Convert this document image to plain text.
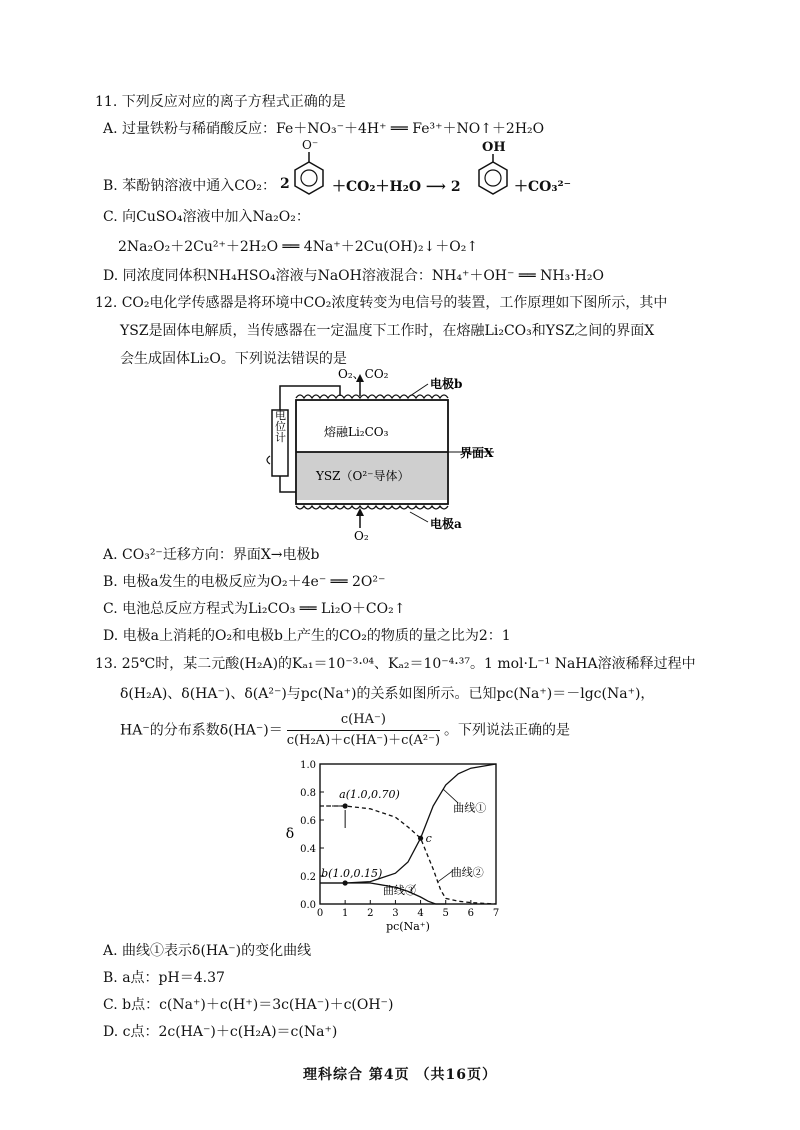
11. 下列反应对应的离子方程式正确的是
A. 过量铁粉与稀硝酸反应：Fe＋NO₃⁻＋4H⁺ ══ Fe³⁺＋NO↑＋2H₂O
B. 苯酚钠溶液中通入CO₂： 2
O⁻
＋CO₂＋H₂O ⟶ 2
OH
＋CO₃²⁻
C. 向CuSO₄溶液中加入Na₂O₂：
2Na₂O₂＋2Cu²⁺＋2H₂O ══ 4Na⁺＋2Cu(OH)₂↓＋O₂↑
D. 同浓度同体积NH₄HSO₄溶液与NaOH溶液混合：NH₄⁺＋OH⁻ ══ NH₃·H₂O
12. CO₂电化学传感器是将环境中CO₂浓度转变为电信号的装置，工作原理如下图所示，其中
YSZ是固体电解质，当传感器在一定温度下工作时，在熔融Li₂CO₃和YSZ之间的界面X
会生成固体Li₂O。下列说法错误的是
电位计
O₂、CO₂
O₂
熔融Li₂CO₃
YSZ（O²⁻导体）
电极b
界面X
电极a
A. CO₃²⁻迁移方向：界面X→电极b
B. 电极a发生的电极反应为O₂＋4e⁻ ══ 2O²⁻
C. 电池总反应方程式为Li₂CO₃ ══ Li₂O＋CO₂↑
D. 电极a上消耗的O₂和电极b上产生的CO₂的物质的量之比为2：1
13. 25℃时，某二元酸(H₂A)的Kₐ₁＝10⁻³·⁰⁴、Kₐ₂＝10⁻⁴·³⁷。1 mol·L⁻¹ NaHA溶液稀释过程中
δ(H₂A)、δ(HA⁻)、δ(A²⁻)与pc(Na⁺)的关系如图所示。已知pc(Na⁺)＝－lgc(Na⁺)，
HA⁻的分布系数$\delta(HA^-)= \frac{c(HA^-)}{\text{c(H₂A)＋c(HA⁻)＋c(A²⁻)}}$ 。下列说法正确的是
0 1 2 3 4 5 6 7
0.0
0.2
0.4
0.6
0.8
1.0
pc(Na⁺)
δ
a(1.0,0.70)
b(1.0,0.15)
c
曲线①
曲线②
曲线③
A. 曲线①表示δ(HA⁻)的变化曲线
B. a点：pH＝4.37
C. b点：c(Na⁺)＋c(H⁺)＝3c(HA⁻)＋c(OH⁻)
D. c点：2c(HA⁻)＋c(H₂A)＝c(Na⁺)
理科综合 第4页 （共16页）
